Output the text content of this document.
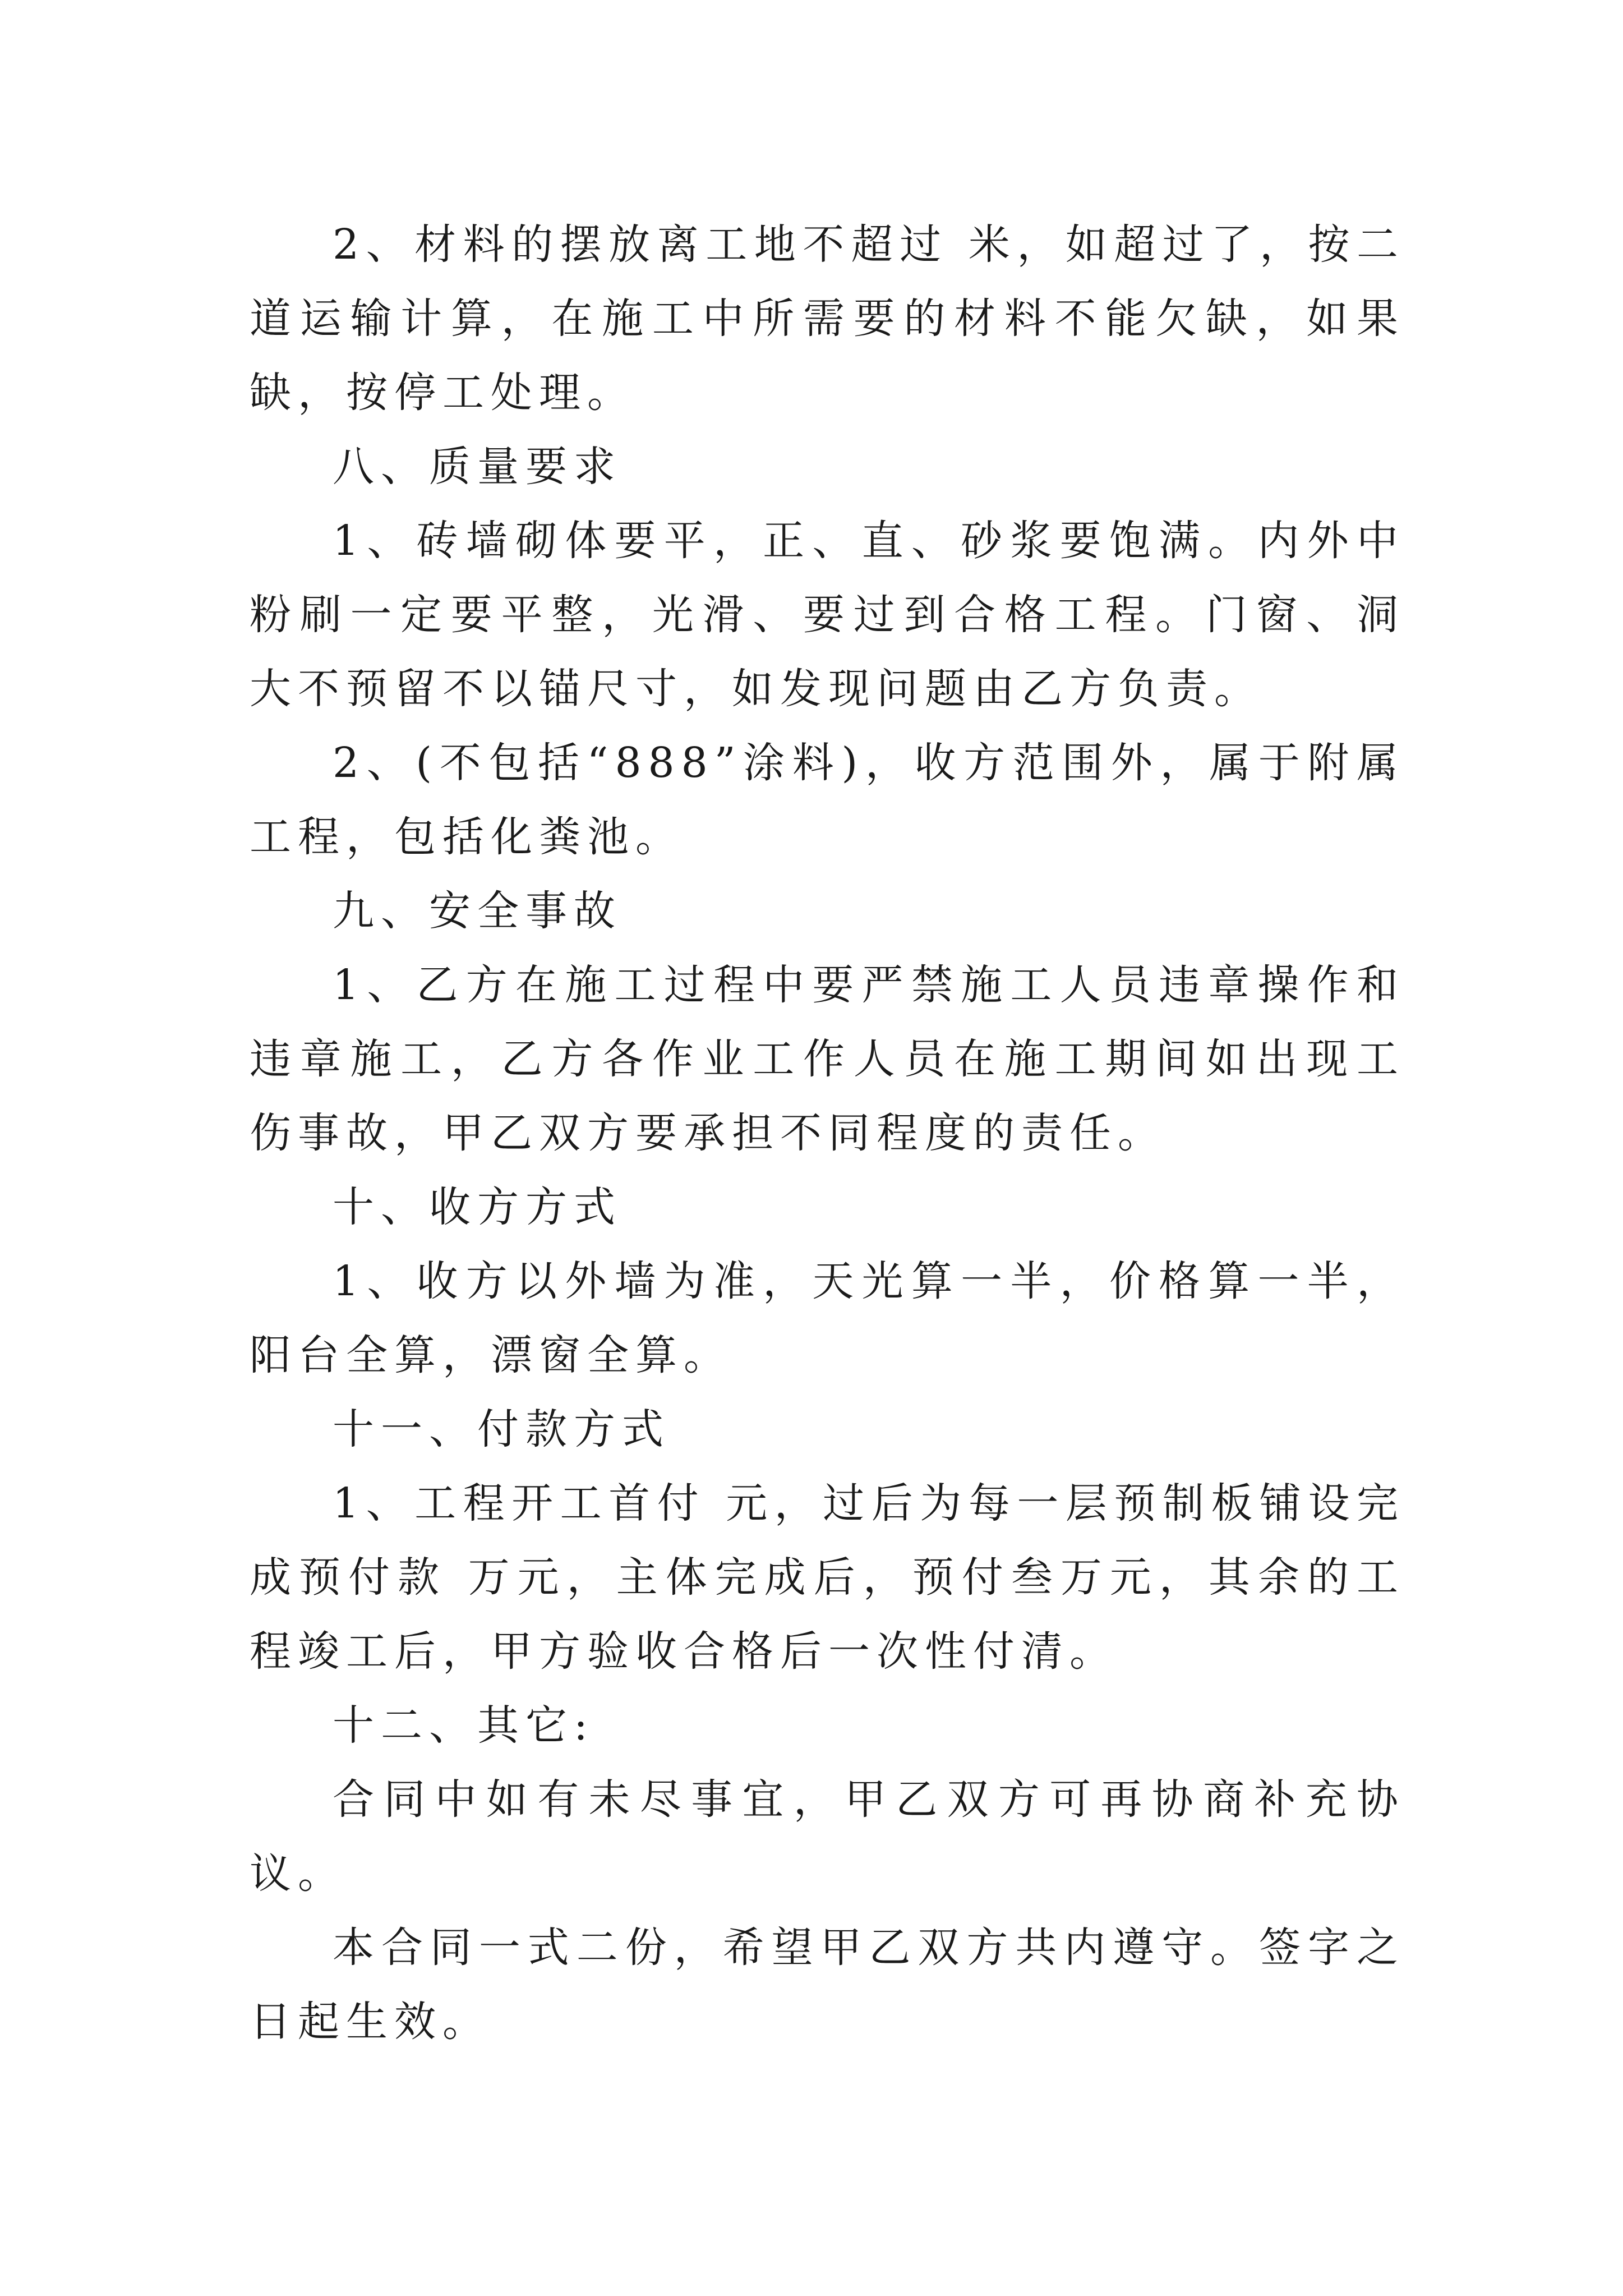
2、材料的摆放离工地不超过 米，如超过了，按二道运输计算，在施工中所需要的材料不能欠缺，如果缺，按停工处理。

八、质量要求

1、砖墙砌体要平，正、直、砂浆要饱满。内外中粉刷一定要平整，光滑、要过到合格工程。门窗、洞大不预留不以锚尺寸，如发现问题由乙方负责。

2、(不包括“888”涂料)，收方范围外，属于附属工程，包括化粪池。

九、安全事故

1、乙方在施工过程中要严禁施工人员违章操作和违章施工，乙方各作业工作人员在施工期间如出现工伤事故，甲乙双方要承担不同程度的责任。

十、收方方式

1、收方以外墙为准，天光算一半，价格算一半，阳台全算，漂窗全算。

十一、付款方式

1、工程开工首付 元，过后为每一层预制板铺设完成预付款 万元，主体完成后，预付叁万元，其余的工程竣工后，甲方验收合格后一次性付清。

十二、其它:

合同中如有未尽事宜，甲乙双方可再协商补充协议。

本合同一式二份，希望甲乙双方共内遵守。签字之日起生效。
